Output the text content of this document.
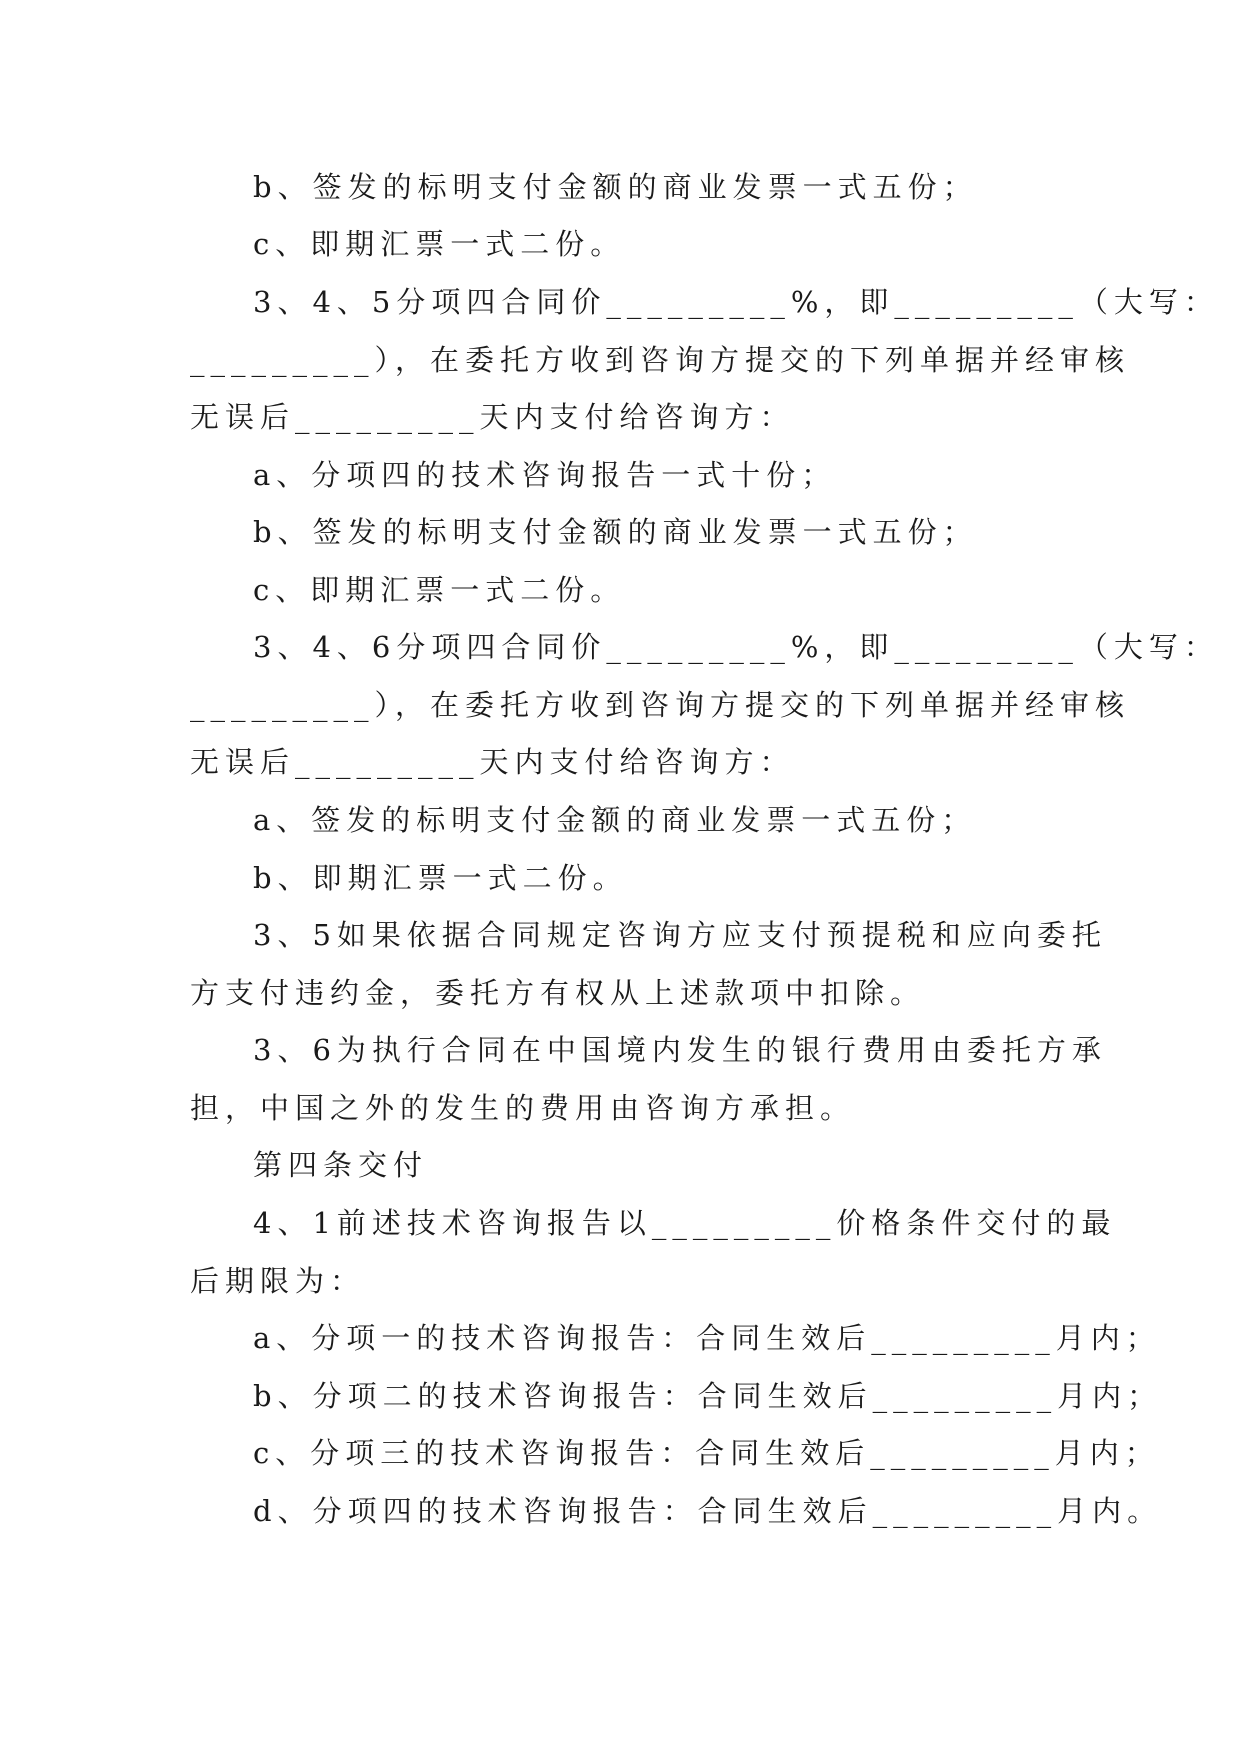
b、签发的标明支付金额的商业发票一式五份；
c、即期汇票一式二份。
3、4、5分项四合同价_________%，即_________（大写：
_________），在委托方收到咨询方提交的下列单据并经审核
无误后_________天内支付给咨询方：
a、分项四的技术咨询报告一式十份；
b、签发的标明支付金额的商业发票一式五份；
c、即期汇票一式二份。
3、4、6分项四合同价_________%，即_________（大写：
_________），在委托方收到咨询方提交的下列单据并经审核
无误后_________天内支付给咨询方：
a、签发的标明支付金额的商业发票一式五份；
b、即期汇票一式二份。
3、5如果依据合同规定咨询方应支付预提税和应向委托
方支付违约金，委托方有权从上述款项中扣除。
3、6为执行合同在中国境内发生的银行费用由委托方承
担，中国之外的发生的费用由咨询方承担。
第四条交付
4、1前述技术咨询报告以_________价格条件交付的最
后期限为：
a、分项一的技术咨询报告：合同生效后_________月内；
b、分项二的技术咨询报告：合同生效后_________月内；
c、分项三的技术咨询报告：合同生效后_________月内；
d、分项四的技术咨询报告：合同生效后_________月内。
